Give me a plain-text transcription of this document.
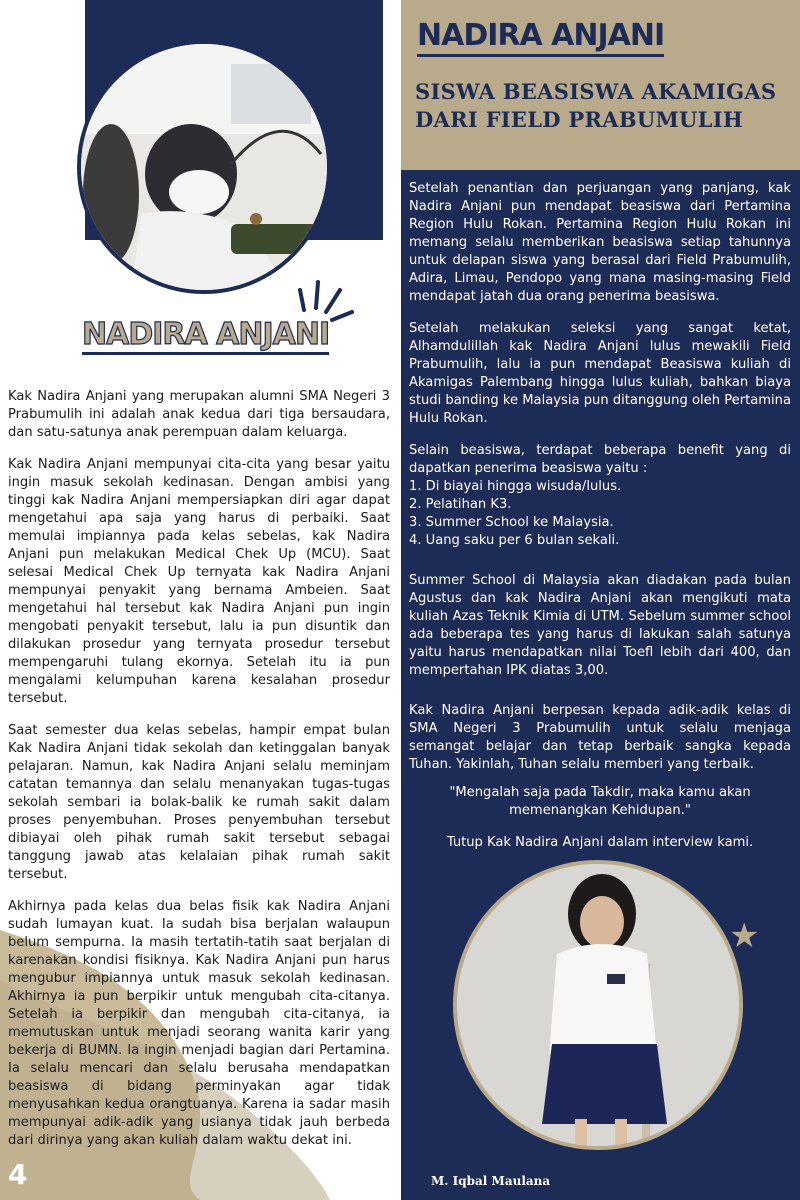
NADIRA ANJANI

Kak Nadira Anjani yang merupakan alumni SMA Negeri 3 Prabumulih ini adalah anak kedua dari tiga bersaudara, dan satu-satunya anak perempuan dalam keluarga.

Kak Nadira Anjani mempunyai cita-cita yang besar yaitu ingin masuk sekolah kedinasan. Dengan ambisi yang tinggi kak Nadira Anjani mempersiapkan diri agar dapat mengetahui apa saja yang harus di perbaiki. Saat memulai impiannya pada kelas sebelas, kak Nadira Anjani pun melakukan Medical Chek Up (MCU). Saat selesai Medical Chek Up ternyata kak Nadira Anjani mempunyai penyakit yang bernama Ambeien. Saat mengetahui hal tersebut kak Nadira Anjani pun ingin mengobati penyakit tersebut, lalu ia pun disuntik dan dilakukan prosedur yang ternyata prosedur tersebut mempengaruhi tulang ekornya. Setelah itu ia pun mengalami kelumpuhan karena kesalahan prosedur tersebut.

Saat semester dua kelas sebelas, hampir empat bulan Kak Nadira Anjani tidak sekolah dan ketinggalan banyak pelajaran. Namun, kak Nadira Anjani selalu meminjam catatan temannya dan selalu menanyakan tugas-tugas sekolah sembari ia bolak-balik ke rumah sakit dalam proses penyembuhan. Proses penyembuhan tersebut dibiayai oleh pihak rumah sakit tersebut sebagai tanggung jawab atas kelalaian pihak rumah sakit tersebut.

Akhirnya pada kelas dua belas fisik kak Nadira Anjani sudah lumayan kuat. Ia sudah bisa berjalan walaupun belum sempurna. Ia masih tertatih-tatih saat berjalan di karenakan kondisi fisiknya. Kak Nadira Anjani pun harus mengubur impiannya untuk masuk sekolah kedinasan. Akhirnya ia pun berpikir untuk mengubah cita-citanya. Setelah ia berpikir dan mengubah cita-citanya, ia memutuskan untuk menjadi seorang wanita karir yang bekerja di BUMN. Ia ingin menjadi bagian dari Pertamina. Ia selalu mencari dan selalu berusaha mendapatkan beasiswa di bidang perminyakan agar tidak menyusahkan kedua orangtuanya. Karena ia sadar masih mempunyai adik-adik yang usianya tidak jauh berbeda dari dirinya yang akan kuliah dalam waktu dekat ini.

4
NADIRA ANJANI
SISWA BEASISWA AKAMIGAS DARI FIELD PRABUMULIH

Setelah penantian dan perjuangan yang panjang, kak Nadira Anjani pun mendapat beasiswa dari Pertamina Region Hulu Rokan. Pertamina Region Hulu Rokan ini memang selalu memberikan beasiswa setiap tahunnya untuk delapan siswa yang berasal dari Field Prabumulih, Adira, Limau, Pendopo yang mana masing-masing Field mendapat jatah dua orang penerima beasiswa.

Setelah melakukan seleksi yang sangat ketat, Alhamdulillah kak Nadira Anjani lulus mewakili Field Prabumulih, lalu ia pun mendapat Beasiswa kuliah di Akamigas Palembang hingga lulus kuliah, bahkan biaya studi banding ke Malaysia pun ditanggung oleh Pertamina Hulu Rokan.

Selain beasiswa, terdapat beberapa benefit yang di dapatkan penerima beasiswa yaitu :

1. Di biayai hingga wisuda/lulus.
2. Pelatihan K3.
3. Summer School ke Malaysia.
4. Uang saku per 6 bulan sekali.

Summer School di Malaysia akan diadakan pada bulan Agustus dan kak Nadira Anjani akan mengikuti mata kuliah Azas Teknik Kimia di UTM. Sebelum summer school ada beberapa tes yang harus di lakukan salah satunya yaitu harus mendapatkan nilai Toefl lebih dari 400, dan mempertahan IPK diatas 3,00.

Kak Nadira Anjani berpesan kepada adik-adik kelas di SMA Negeri 3 Prabumulih untuk selalu menjaga semangat belajar dan tetap berbaik sangka kepada Tuhan. Yakinlah, Tuhan selalu memberi yang terbaik.

"Mengalah saja pada Takdir, maka kamu akan memenangkan Kehidupan."

Tutup Kak Nadira Anjani dalam interview kami.

★
M. Iqbal Maulana
